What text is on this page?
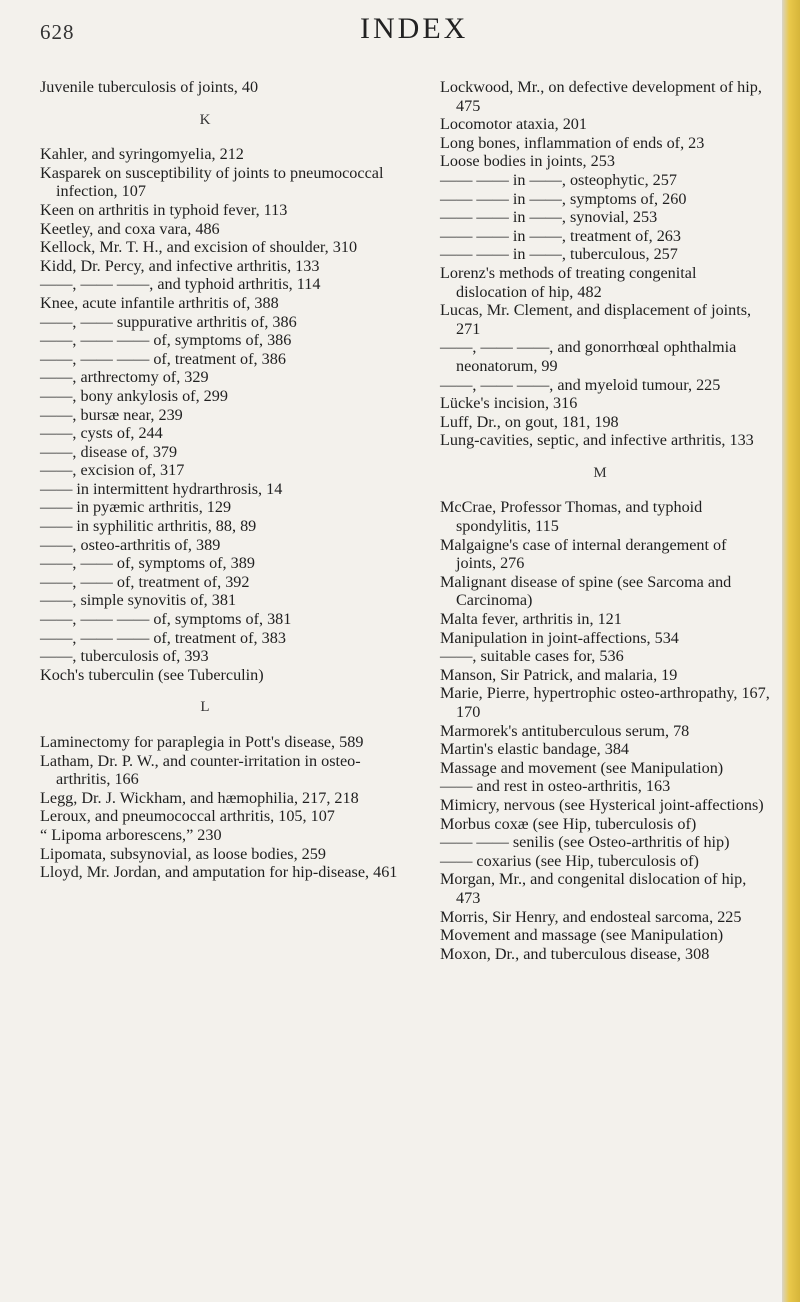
628	INDEX
Juvenile tuberculosis of joints, 40
K
Kahler, and syringomyelia, 212
Kasparek on susceptibility of joints to pneumococcal infection, 107
Keen on arthritis in typhoid fever, 113
Keetley, and coxa vara, 486
Kellock, Mr. T. H., and excision of shoulder, 310
Kidd, Dr. Percy, and infective arthritis, 133
——, —— ——, and typhoid arthritis, 114
Knee, acute infantile arthritis of, 388
——, —— suppurative arthritis of, 386
——, —— —— of, symptoms of, 386
——, —— —— of, treatment of, 386
——, arthrectomy of, 329
——, bony ankylosis of, 299
——, bursæ near, 239
——, cysts of, 244
——, disease of, 379
——, excision of, 317
—— in intermittent hydrarthrosis, 14
—— in pyæmic arthritis, 129
—— in syphilitic arthritis, 88, 89
——, osteo-arthritis of, 389
——, —— of, symptoms of, 389
——, —— of, treatment of, 392
——, simple synovitis of, 381
——, —— —— of, symptoms of, 381
——, —— —— of, treatment of, 383
——, tuberculosis of, 393
Koch's tuberculin (see Tuberculin)
L
Laminectomy for paraplegia in Pott's disease, 589
Latham, Dr. P. W., and counter-irritation in osteo-arthritis, 166
Legg, Dr. J. Wickham, and hæmophilia, 217, 218
Leroux, and pneumococcal arthritis, 105, 107
“ Lipoma arborescens,” 230
Lipomata, subsynovial, as loose bodies, 259
Lloyd, Mr. Jordan, and amputation for hip-disease, 461
Lockwood, Mr., on defective development of hip, 475
Locomotor ataxia, 201
Long bones, inflammation of ends of, 23
Loose bodies in joints, 253
—— —— in ——, osteophytic, 257
—— —— in ——, symptoms of, 260
—— —— in ——, synovial, 253
—— —— in ——, treatment of, 263
—— —— in ——, tuberculous, 257
Lorenz's methods of treating congenital dislocation of hip, 482
Lucas, Mr. Clement, and displacement of joints, 271
——, —— ——, and gonorrhœal ophthalmia neonatorum, 99
——, —— ——, and myeloid tumour, 225
Lücke's incision, 316
Luff, Dr., on gout, 181, 198
Lung-cavities, septic, and infective arthritis, 133
M
McCrae, Professor Thomas, and typhoid spondylitis, 115
Malgaigne's case of internal derangement of joints, 276
Malignant disease of spine (see Sarcoma and Carcinoma)
Malta fever, arthritis in, 121
Manipulation in joint-affections, 534
——, suitable cases for, 536
Manson, Sir Patrick, and malaria, 19
Marie, Pierre, hypertrophic osteo-arthropathy, 167, 170
Marmorek's antituberculous serum, 78
Martin's elastic bandage, 384
Massage and movement (see Manipulation)
—— and rest in osteo-arthritis, 163
Mimicry, nervous (see Hysterical joint-affections)
Morbus coxæ (see Hip, tuberculosis of)
—— —— senilis (see Osteo-arthritis of hip)
—— coxarius (see Hip, tuberculosis of)
Morgan, Mr., and congenital dislocation of hip, 473
Morris, Sir Henry, and endosteal sarcoma, 225
Movement and massage (see Manipulation)
Moxon, Dr., and tuberculous disease, 308
